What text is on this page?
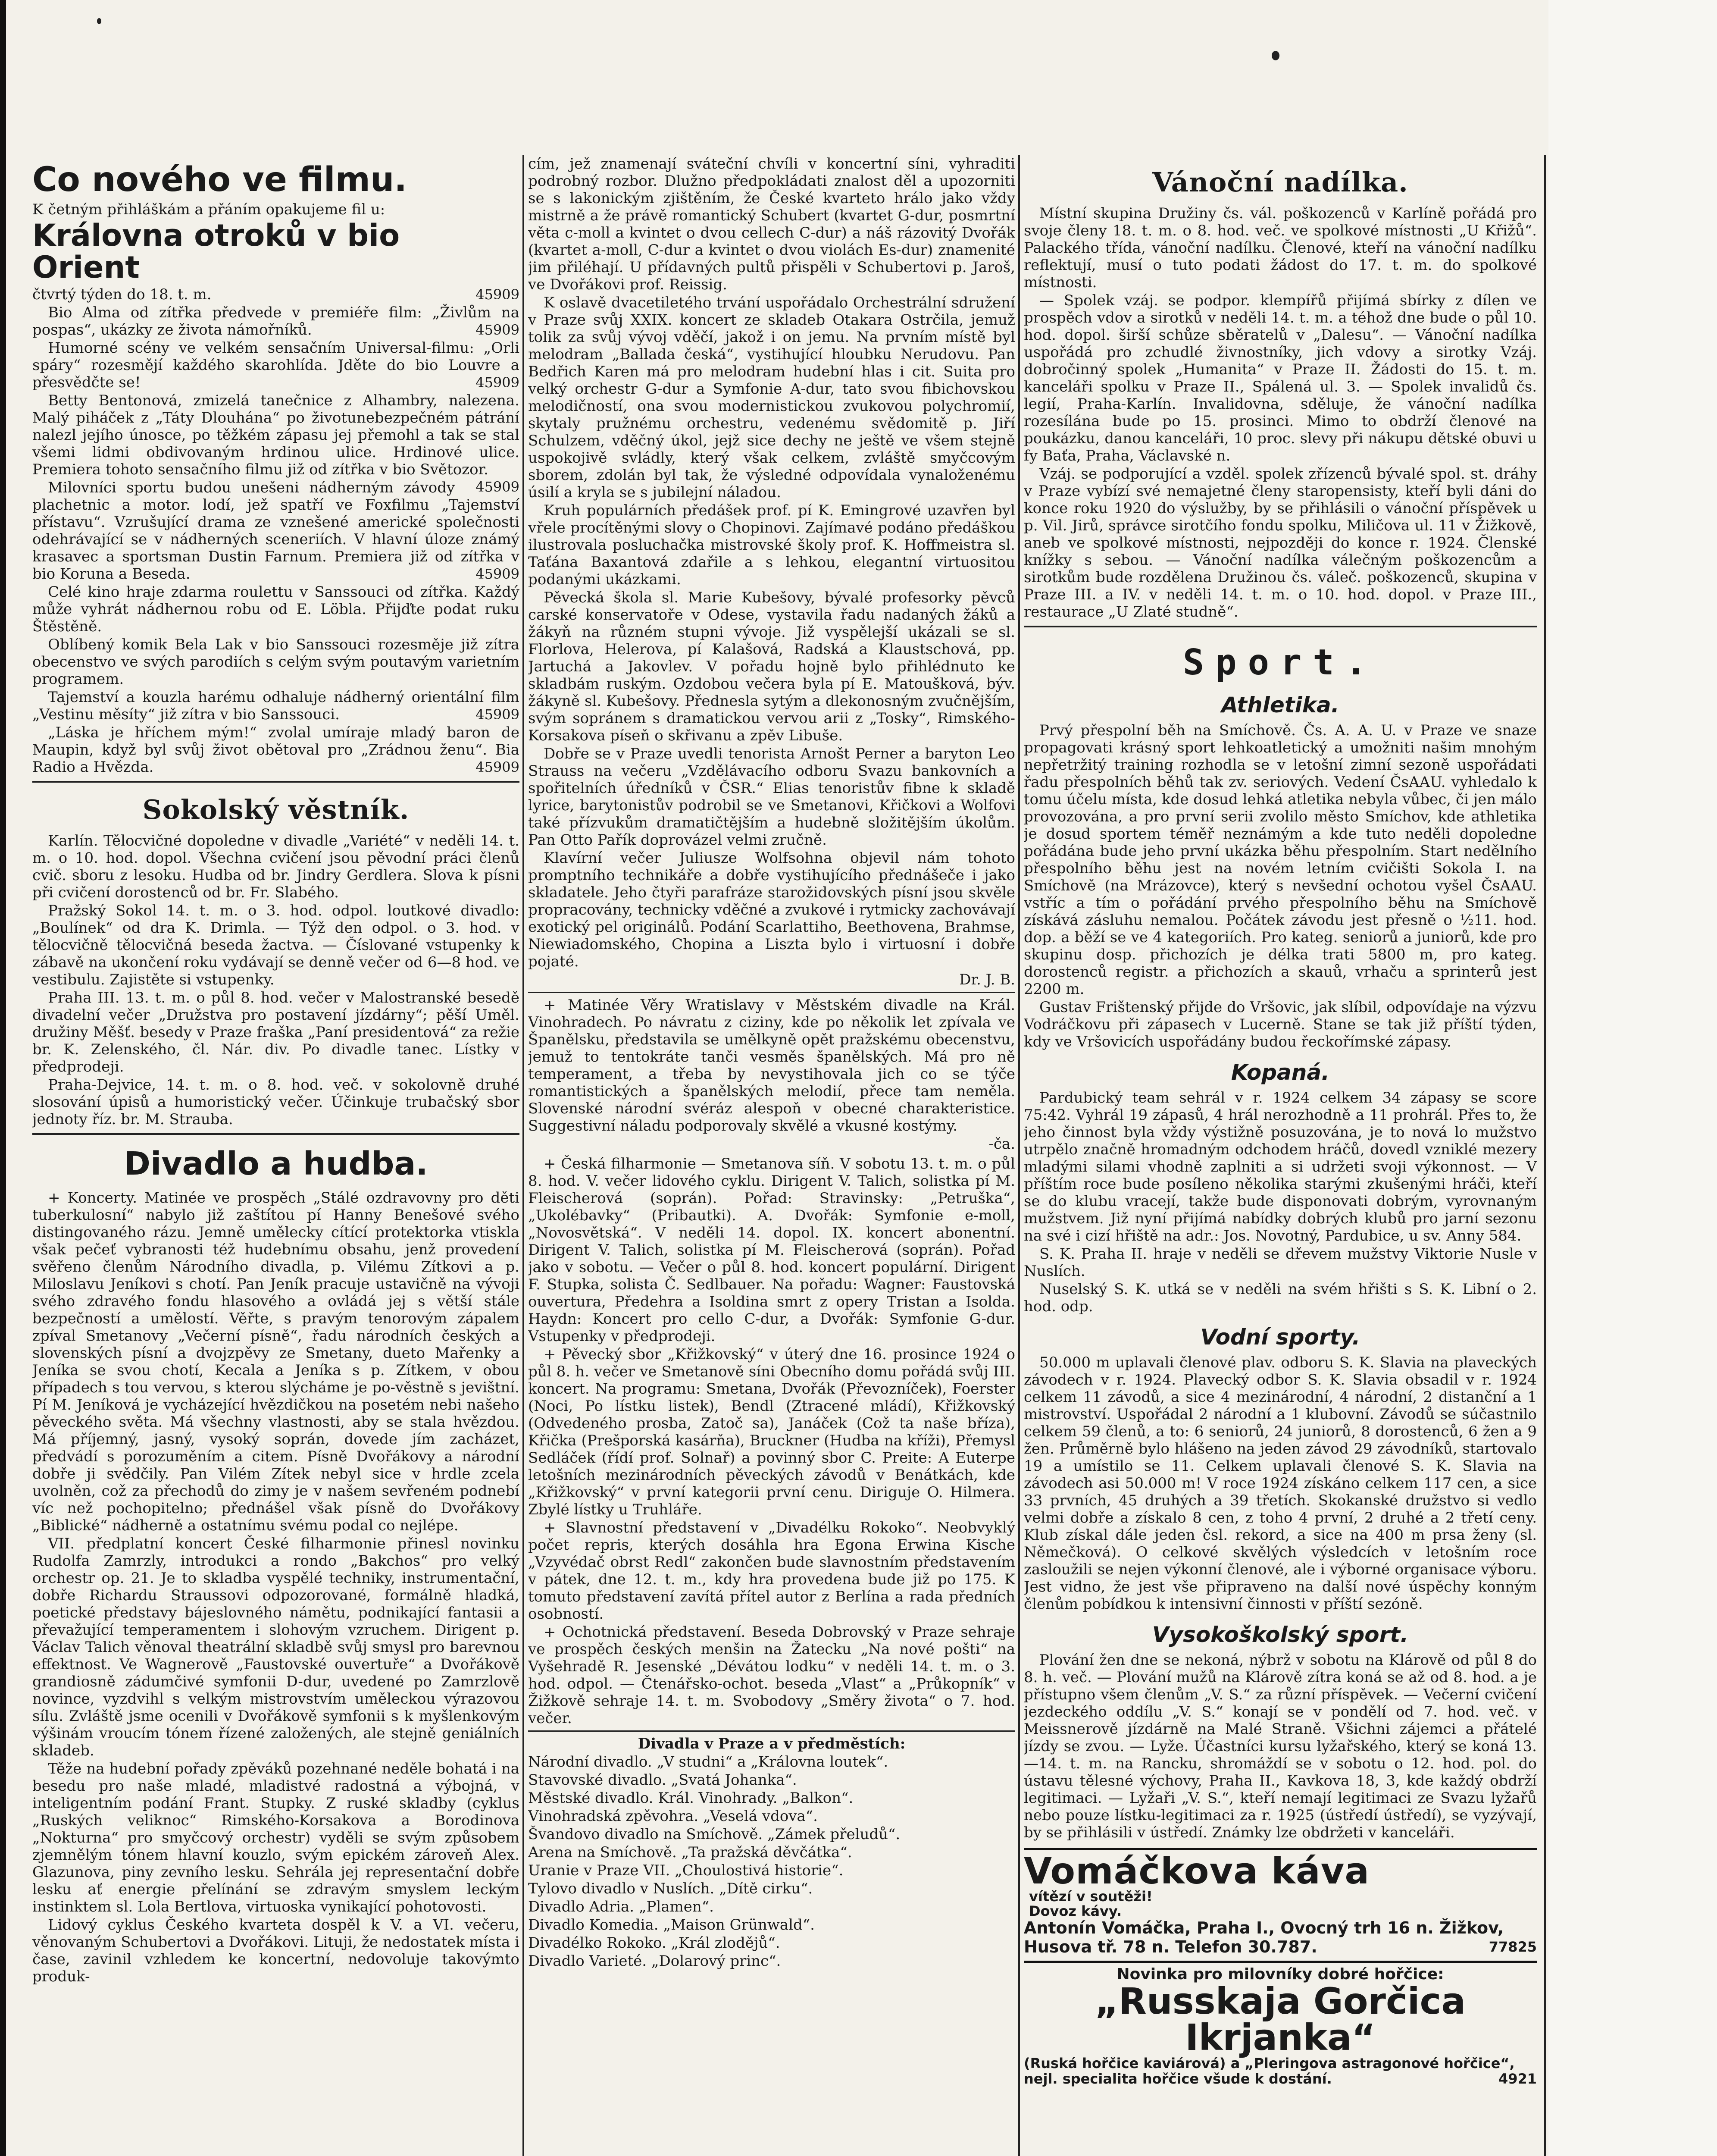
Co nového ve filmu.

K četným přihláškám a přáním opakujeme fil u:

Královna otroků v bio
Orient

45909
čtvrtý týden do 18. t. m.

Bio Alma od zítřka předvede v premiéře film: „Živlům na pospas“, ukázky ze života námořníků.	45909

Humorné scény ve velkém sensačním Universal-filmu: „Orli spáry“ rozesmějí každého skarohlída. Jděte do bio Louvre a přesvědčte se!	45909

Betty Bentonová, zmizelá tanečnice z Alhambry, nalezena. Malý piháček z „Táty Dlouhána“ po životunebezpečném pátrání nalezl jejího únosce, po těžkém zápasu jej přemohl a tak se stal všemi lidmi obdivovaným hrdinou ulice. Hrdinové ulice. Premiera tohoto sensačního filmu již od zítřka v bio Světozor.
45909

Milovníci sportu budou unešeni nádherným závody plachetnic a motor. lodí, jež spatří ve Foxfilmu „Tajemství přístavu“. Vzrušující drama ze vznešené americké společnosti odehrávající se v nádherných sceneriích. V hlavní úloze známý krasavec a sportsman Dustin Farnum. Premiera již od zítřka v bio Koruna a Beseda.	45909

Celé kino hraje zdarma roulettu v Sanssouci od zítřka. Každý může vyhrát nádhernou robu od E. Löbla. Přijďte podat ruku Štěstěně.

Oblíbený komik Bela Lak v bio Sanssouci rozesměje již zítra obecenstvo ve svých parodiích s celým svým poutavým varietním programem.

Tajemství a kouzla harému odhaluje nádherný orientální film „Vestinu měsíty“ již zítra v bio Sanssouci.	45909

„Láska je hříchem mým!“ zvolal umíraje mladý baron de Maupin, když byl svůj život obětoval pro „Zrádnou ženu“. Bia Radio a Hvězda.	45909

Sokolský věstník.

Karlín. Tělocvičné dopoledne v divadle „Variété“ v neděli 14. t. m. o 10. hod. dopol. Všechna cvičení jsou pěvodní práci členů cvič. sboru z lesoku. Hudba od br. Jindry Gerdlera. Slova k písni při cvičení dorostenců od br. Fr. Slabého.

Pražský Sokol 14. t. m. o 3. hod. odpol. loutkové divadlo: „Boulínek“ od dra K. Drimla. — Týž den odpol. o 3. hod. v tělocvičně tělocvičná beseda žactva. — Číslované vstupenky k zábavě na ukončení roku vydávají se denně večer od 6—8 hod. ve vestibulu. Zajistěte si vstupenky.

Praha III. 13. t. m. o půl 8. hod. večer v Malostranské besedě divadelní večer „Družstva pro postavení jízdárny“; pěší Uměl. družiny Měšť. besedy v Praze fraška „Paní presidentová“ za režie br. K. Zelenského, čl. Nár. div. Po divadle tanec. Lístky v předprodeji.

Praha-Dejvice, 14. t. m. o 8. hod. več. v sokolovně druhé slosování úpisů a humoristický večer. Účinkuje trubačský sbor jednoty říz. br. M. Strauba.

Divadlo a hudba.

+ Koncerty. Matinée ve prospěch „Stálé ozdravovny pro děti tuberkulosní“ nabylo již zaštítou pí Hanny Benešové svého distingovaného rázu. Jemně umělecky cítící protektorka vtiskla však pečeť vybranosti též hudebnímu obsahu, jenž provedení svěřeno členům Národního divadla, p. Vilému Zítkovi a p. Miloslavu Jeníkovi s chotí. Pan Jeník pracuje ustavičně na vývoji svého zdravého fondu hlasového a ovládá jej s větší stále bezpečností a umělostí. Věřte, s pravým tenorovým zápalem zpíval Smetanovy „Večerní písně“, řadu národních českých a slovenských písní a dvojzpěvy ze Smetany, dueto Mařenky a Jeníka se svou chotí, Kecala a Jeníka s p. Zítkem, v obou případech s tou vervou, s kterou slýcháme je po-věstně s jevištní. Pí M. Jeníková je vycházející hvězdičkou na posetém nebi našeho pěveckého světa. Má všechny vlastnosti, aby se stala hvězdou. Má příjemný, jasný, vysoký soprán, dovede jím zacházet, předvádí s porozuměním a citem. Písně Dvořákovy a národní dobře ji svědčily. Pan Vilém Zítek nebyl sice v hrdle zcela uvolněn, což za přechodů do zimy je v našem sevřeném podnebí víc než pochopitelno; přednášel však písně do Dvořákovy „Biblické“ nádherně a ostatnímu svému podal co nejlépe.

VII. předplatní koncert České filharmonie přinesl novinku Rudolfa Zamrzly, introdukci a rondo „Bakchos“ pro velký orchestr op. 21. Je to skladba vyspělé techniky, instrumentační, dobře Richardu Straussovi odpozorované, formálně hladká, poetické představy bájeslovného námětu, podnikající fantasii a převažující temperamentem i slohovým vzruchem. Dirigent p. Václav Talich věnoval theatrální skladbě svůj smysl pro barevnou effektnost. Ve Wagnerově „Faustovské ouvertuře“ a Dvořákově grandiosně zádumčivé symfonii D-dur, uvedené po Zamrzlově novince, vyzdvihl s velkým mistrovstvím uměleckou výrazovou sílu. Zvláště jsme ocenili v Dvořákově symfonii s k myšlenkovým výšinám vroucím tónem řízené založených, ale stejně geniálních skladeb.

Těže na hudební pořady zpěváků pozehnané neděle bohatá i na besedu pro naše mladé, mladistvé radostná a výbojná, v inteligentním podání Frant. Stupky. Z ruské skladby (cyklus „Ruských veliknoc“ Rimského-Korsakova a Borodinova „Nokturna“ pro smyčcový orchestr) vyděli se svým způsobem zjemnělým tónem hlavní kouzlo, svým epickém zároveň Alex. Glazunova, piny zevního lesku. Sehrála jej representační dobře lesku ať energie přelínání se zdravým smyslem leckým instinktem sl. Lola Bertlova, virtuoska vynikající pohotovosti.

Lidový cyklus Českého kvarteta dospěl k V. a VI. večeru, věnovaným Schubertovi a Dvořákovi. Lituji, že nedostatek místa i čase, zavinil vzhledem ke koncertní, nedovoluje takovýmto produk-

cím, jež znamenají sváteční chvíli v koncertní síni, vyhraditi podrobný rozbor. Dlužno předpokládati znalost děl a upozorniti se s lakonickým zjištěním, že České kvarteto hrálo jako vždy mistrně a že právě romantický Schubert (kvartet G-dur, posmrtní věta c-moll a kvintet o dvou cellech C-dur) a náš rázovitý Dvořák (kvartet a-moll, C-dur a kvintet o dvou violách Es-dur) znamenité jim přiléhají. U přídavných pultů přispěli v Schubertovi p. Jaroš, ve Dvořákovi prof. Reissig.

K oslavě dvacetiletého trvání uspořádalo Orchestrální sdružení v Praze svůj XXIX. koncert ze skladeb Otakara Ostrčila, jemuž tolik za svůj vývoj vděčí, jakož i on jemu. Na prvním místě byl melodram „Ballada česká“, vystihující hloubku Nerudovu. Pan Bedřich Karen má pro melodram hudební hlas i cit. Suita pro velký orchestr G-dur a Symfonie A-dur, tato svou fibichovskou melodičností, ona svou modernistickou zvukovou polychromií, skytaly pružnému orchestru, vedenému svědomitě p. Jiří Schulzem, vděčný úkol, jejž sice dechy ne ještě ve všem stejně uspokojivě svládly, který však celkem, zvláště smyčcovým sborem, zdolán byl tak, že výsledné odpovídala vynaloženému úsilí a kryla se s jubilejní náladou.

Kruh populárních předášek prof. pí K. Emingrové uzavřen byl vřele procítěnými slovy o Chopinovi. Zajímavé podáno předáškou ilustrovala posluchačka mistrovské školy prof. K. Hoffmeistra sl. Taťána Baxantová zdařile a s lehkou, elegantní virtuositou podanými ukázkami.

Pěvecká škola sl. Marie Kubešovy, bývalé profesorky pěvců carské konservatoře v Odese, vystavila řadu nadaných žáků a žákyň na různém stupni vývoje. Již vyspělejší ukázali se sl. Florlova, Helerova, pí Kalašová, Radská a Klaustschová, pp. Jartuchá a Jakovlev. V pořadu hojně bylo přihlédnuto ke skladbám ruským. Ozdobou večera byla pí E. Matoušková, býv. žákyně sl. Kubešovy. Přednesla sytým a dlekonosným zvučnějším, svým sopránem s dramatickou vervou arii z „Tosky“, Rimského-Korsakova píseň o skřivanu a zpěv Libuše.

Dobře se v Praze uvedli tenorista Arnošt Perner a baryton Leo Strauss na večeru „Vzdělávacího odboru Svazu bankovních a spořitelních úředníků v ČSR.“ Elias tenoristův fibne k skladě lyrice, barytonistův podrobil se ve Smetanovi, Křičkovi a Wolfovi také přízvukům dramatičtějším a hudebně složitějším úkolům. Pan Otto Pařík doprovázel velmi zručně.

Klavírní večer Juliusze Wolfsohna objevil nám tohoto promptního technikáře a dobře vystihujícího přednášeče i jako skladatele. Jeho čtyři parafráze starožidovských písní jsou skvěle propracovány, technicky vděčné a zvukové i rytmicky zachovávají exotický pel originálů. Podání Scarlattiho, Beethovena, Brahmse, Niewiadomského, Chopina a Liszta bylo i virtuosní i dobře pojaté.

Dr. J. B.

+ Matinée Věry Wratislavy v Městském divadle na Král. Vinohradech. Po návratu z ciziny, kde po několik let zpívala ve Španělsku, představila se umělkyně opět pražskému obecenstvu, jemuž to tentokráte tanči vesměs španělských. Má pro ně temperament, a třeba by nevystihovala jich co se týče romantistických a španělských melodií, přece tam neměla. Slovenské národní svéráz alespoň v obecné charakteristice. Suggestivní náladu podporovaly skvělé a vkusné kostýmy.

-ča.

+ Česká filharmonie — Smetanova síň. V sobotu 13. t. m. o půl 8. hod. V. večer lidového cyklu. Dirigent V. Talich, solistka pí M. Fleischerová (soprán). Pořad: Stravinsky: „Petruška“, „Ukolébavky“ (Pribautki). A. Dvořák: Symfonie e-moll, „Novosvětská“. V neděli 14. dopol. IX. koncert abonentní. Dirigent V. Talich, solistka pí M. Fleischerová (soprán). Pořad jako v sobotu. — Večer o půl 8. hod. koncert populární. Dirigent F. Stupka, solista Č. Sedlbauer. Na pořadu: Wagner: Faustovská ouvertura, Předehra a Isoldina smrt z opery Tristan a Isolda. Haydn: Koncert pro cello C-dur, a Dvořák: Symfonie G-dur. Vstupenky v předprodeji.

+ Pěvecký sbor „Křižkovský“ v úterý dne 16. prosince 1924 o půl 8. h. večer ve Smetanově síni Obecního domu pořádá svůj III. koncert. Na programu: Smetana, Dvořák (Převozníček), Foerster (Noci, Po lístku listek), Bendl (Ztracené mládí), Křižkovský (Odvedeného prosba, Zatoč sa), Janáček (Což ta naše bříza), Křička (Prešporská kasárňa), Bruckner (Hudba na kříži), Přemysl Sedláček (řídí prof. Solnař) a povinný sbor C. Preite: A Euterpe letošních mezinárodních pěveckých závodů v Benátkách, kde „Křižkovský“ v první kategorii první cenu. Diriguje O. Hilmera. Zbylé lístky u Truhláře.

+ Slavnostní představení v „Divadélku Rokoko“. Neobvyklý počet repris, kterých dosáhla hra Egona Erwina Kische „Vzyvédač obrst Redl“ zakončen bude slavnostním představením v pátek, dne 12. t. m., kdy hra provedena bude již po 175. K tomuto představení zavítá přítel autor z Berlína a rada předních osobností.

+ Ochotnická představení. Beseda Dobrovský v Praze sehraje ve prospěch českých menšin na Žatecku „Na nové pošti“ na Vyšehradě R. Jesenské „Dévátou lodku“ v neděli 14. t. m. o 3. hod. odpol. — Čtenářsko-ochot. beseda „Vlast“ a „Průkopník“ v Žižkově sehraje 14. t. m. Svobodovy „Směry života“ o 7. hod. večer.

Divadla v Praze a v předměstích:

Národní divadlo. „V studni“ a „Královna loutek“.

Stavovské divadlo. „Svatá Johanka“.

Městské divadlo. Král. Vinohrady. „Balkon“.

Vinohradská zpěvohra. „Veselá vdova“.

Švandovo divadlo na Smíchově. „Zámek přeludů“.

Arena na Smíchově. „Ta pražská děvčátka“.

Uranie v Praze VII. „Choulostivá historie“.

Tylovo divadlo v Nuslích. „Dítě cirku“.

Divadlo Adria. „Plamen“.

Divadlo Komedia. „Maison Grünwald“.

Divadélko Rokoko. „Král zlodějů“.

Divadlo Varieté. „Dolarový princ“.

Vánoční nadílka.

Místní skupina Družiny čs. vál. poškozenců v Karlíně pořádá pro svoje členy 18. t. m. o 8. hod. več. ve spolkové místnosti „U Křižů“. Palackého třída, vánoční nadílku. Členové, kteří na vánoční nadílku reflektují, musí o tuto podati žádost do 17. t. m. do spolkové místnosti.

— Spolek vzáj. se podpor. klempířů přijímá sbírky z dílen ve prospěch vdov a sirotků v neděli 14. t. m. a téhož dne bude o půl 10. hod. dopol. širší schůze sběratelů v „Dalesu“. — Vánoční nadílka uspořádá pro zchudlé živnostníky, jich vdovy a sirotky Vzáj. dobročinný spolek „Humanita“ v Praze II. Žádosti do 15. t. m. kanceláři spolku v Praze II., Spálená ul. 3. — Spolek invalidů čs. legií, Praha-Karlín. Invalidovna, sděluje, že vánoční nadílka rozesílána bude po 15. prosinci. Mimo to obdrží členové na poukázku, danou kanceláři, 10 proc. slevy při nákupu dětské obuvi u fy Baťa, Praha, Václavské n.

Vzáj. se podporující a vzděl. spolek zřízenců bývalé spol. st. dráhy v Praze vybízí své nemajetné členy staropensisty, kteří byli dáni do konce roku 1920 do výslužby, by se přihlásili o vánoční příspěvek u p. Vil. Jirů, správce sirotčího fondu spolku, Miličova ul. 11 v Žižkově, aneb ve spolkové místnosti, nejpozději do konce r. 1924. Členské knížky s sebou. — Vánoční nadílka válečným poškozencům a sirotkům bude rozdělena Družinou čs. váleč. poškozenců, skupina v Praze III. a IV. v neděli 14. t. m. o 10. hod. dopol. v Praze III., restaurace „U Zlaté studně“.

Sport.
Athletika.

Prvý přespolní běh na Smíchově. Čs. A. A. U. v Praze ve snaze propagovati krásný sport lehkoatletický a umožniti našim mnohým nepřetržitý training rozhodla se v letošní zimní sezoně uspořádati řadu přespolních běhů tak zv. seriových. Vedení ČsAAU. vyhledalo k tomu účelu místa, kde dosud lehká atletika nebyla vůbec, či jen málo provozována, a pro první serii zvolilo město Smíchov, kde athletika je dosud sportem téměř neznámým a kde tuto neděli dopoledne pořádána bude jeho první ukázka běhu přespolním. Start nedělního přespolního běhu jest na novém letním cvičišti Sokola I. na Smíchově (na Mrázovce), který s nevšední ochotou vyšel ČsAAU. vstříc a tím o pořádání prvého přespolního běhu na Smíchově získává zásluhu nemalou. Počátek závodu jest přesně o ½11. hod. dop. a běží se ve 4 kategoriích. Pro kateg. seniorů a juniorů, kde pro skupinu dosp. přichozích je délka trati 5800 m, pro kateg. dorostenců registr. a přichozích a skauů, vrhaču a sprinterů jest 2200 m.

Gustav Frištenský přijde do Vršovic, jak slíbil, odpovídaje na výzvu Vodráčkovu při zápasech v Lucerně. Stane se tak již příští týden, kdy ve Vršovicích uspořádány budou řeckořímské zápasy.

Kopaná.

Pardubický team sehrál v r. 1924 celkem 34 zápasy se score 75:42. Vyhrál 19 zápasů, 4 hrál nerozhodně a 11 prohrál. Přes to, že jeho činnost byla vždy výstižně posuzována, je to nová lo mužstvo utrpělo značně hromadným odchodem hráčů, dovedl vzniklé mezery mladými silami vhodně zaplniti a si udržeti svoji výkonnost. — V příštím roce bude posíleno několika starými zkušenými hráči, kteří se do klubu vracejí, takže bude disponovati dobrým, vyrovnaným mužstvem. Již nyní přijímá nabídky dobrých klubů pro jarní sezonu na své i cizí hřiště na adr.: Jos. Novotný, Pardubice, u sv. Anny 584.

S. K. Praha II. hraje v neděli se dřevem mužstvy Viktorie Nusle v Nuslích.

Nuselský S. K. utká se v neděli na svém hřišti s S. K. Libní o 2. hod. odp.

Vodní sporty.

50.000 m uplavali členové plav. odboru S. K. Slavia na plaveckých závodech v r. 1924. Plavecký odbor S. K. Slavia obsadil v r. 1924 celkem 11 závodů, a sice 4 mezinárodní, 4 národní, 2 distanční a 1 mistrovství. Uspořádal 2 národní a 1 klubovní. Závodů se súčastnilo celkem 59 členů, a to: 6 seniorů, 24 juniorů, 8 dorostenců, 6 žen a 9 žen. Průměrně bylo hlášeno na jeden závod 29 závodníků, startovalo 19 a umístilo se 11. Celkem uplavali členové S. K. Slavia na závodech asi 50.000 m! V roce 1924 získáno celkem 117 cen, a sice 33 prvních, 45 druhých a 39 třetích. Skokanské družstvo si vedlo velmi dobře a získalo 8 cen, z toho 4 první, 2 druhé a 2 třetí ceny. Klub získal dále jeden čsl. rekord, a sice na 400 m prsa ženy (sl. Němečková). O celkové skvělých výsledcích v letošním roce zasloužili se nejen výkonní členové, ale i výborné organisace výboru. Jest vidno, že jest vše připraveno na další nové úspěchy konným členům pobídkou k intensivní činnosti v příští sezóně.

Vysokoškolský sport.

Plování žen dne se nekoná, nýbrž v sobotu na Klárově od půl 8 do 8. h. več. — Plování mužů na Klárově zítra koná se až od 8. hod. a je přístupno všem členům „V. S.“ za různí příspěvek. — Večerní cvičení jezdeckého oddílu „V. S.“ konají se v pondělí od 7. hod. več. v Meissnerově jízdárně na Malé Straně. Všichni zájemci a přátelé jízdy se zvou. — Lyže. Účastníci kursu lyžařského, který se koná 13.—14. t. m. na Rancku, shromáždí se v sobotu o 12. hod. pol. do ústavu tělesné výchovy, Praha II., Kavkova 18, 3, kde každý obdrží legitimaci. — Lyžaři „V. S.“, kteří nemají legitimaci ze Svazu lyžařů nebo pouze lístku-legitimaci za r. 1925 (ústředí ústředí), se vyzývají, by se přihlásili v ústředí. Známky lze obdržeti v kanceláři.

Vomáčkova kávavítězí v soutěži! Dovoz kávy.
Antonín Vomáčka, Praha I., Ovocný trh 16 n. Žižkov, Husova tř. 78 n. Telefon 30.787.	77825
Novinka pro milovníky dobré hořčice:
„Russkaja Gorčica Ikrjanka“
(Ruská hořčice kaviárová) a „Pleringova astragonové hořčice“, nejl. specialita hořčice všude k dostání.	4921
